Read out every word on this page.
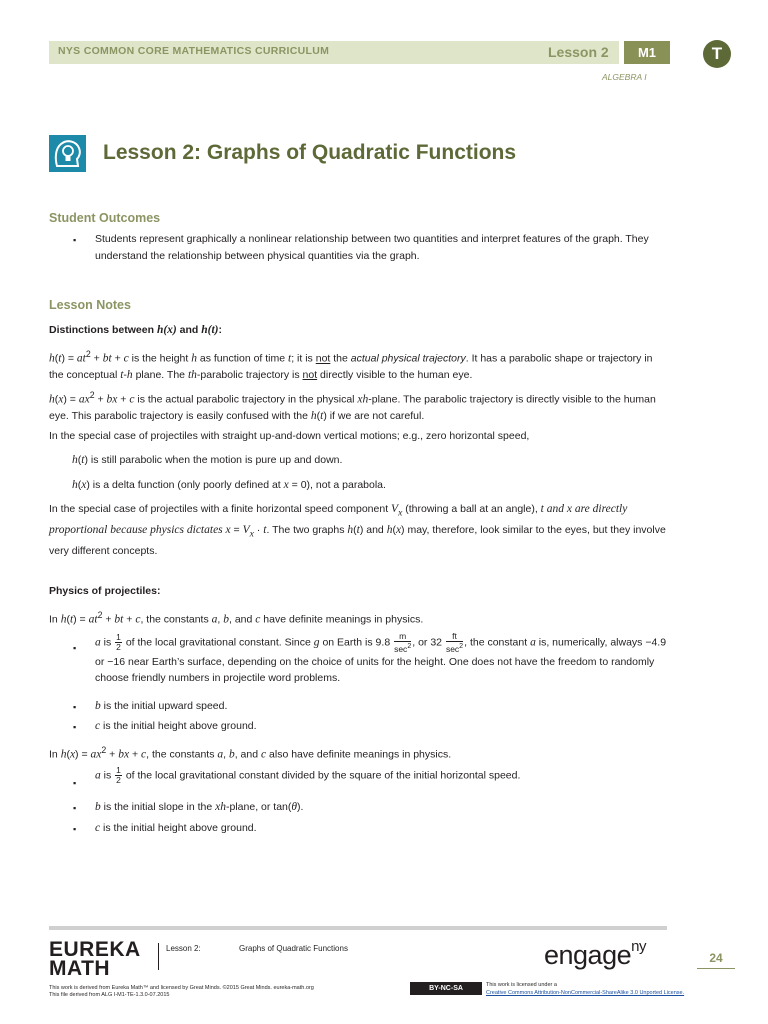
NYS COMMON CORE MATHEMATICS CURRICULUM	Lesson 2	M1	T
ALGEBRA I
Lesson 2: Graphs of Quadratic Functions
Student Outcomes
▪ Students represent graphically a nonlinear relationship between two quantities and interpret features of the graph. They understand the relationship between physical quantities via the graph.
Lesson Notes
Distinctions between h(x) and h(t):
$h(t) = at^2$ + bt + c is the height h as function of time t; it is not the actual physical trajectory. It has a parabolic shape or trajectory in the conceptual t-h plane. The th-parabolic trajectory is not directly visible to the human eye.
$h(x) = ax^2$ + bx + c is the actual parabolic trajectory in the physical xh-plane. The parabolic trajectory is directly visible to the human eye. This parabolic trajectory is easily confused with the h(t) if we are not careful.
In the special case of projectiles with straight up-and-down vertical motions; e.g., zero horizontal speed,
h(t) is still parabolic when the motion is pure up and down.
h(x) is a delta function (only poorly defined at x = 0), not a parabola.
In the special case of projectiles with a finite horizontal speed component $V_x$ (throwing a ball at an angle), t and x are directly proportional because physics dictates $x = V_x \cdot t$. The two graphs h(t) and h(x) may, therefore, look similar to the eyes, but they involve very different concepts.
Physics of projectiles:
In $h(t) = at^2$ + bt + c, the constants a, b, and c have definite meanings in physics.
▪ a is $\frac{1}{2}$ of the local gravitational constant. Since g on Earth is $9.8 \frac{m}{\sec^2}$ , or $32 \frac{ft}{\sec^2}$ , the constant a is, numerically, always −4.9 or −16 near Earth’s surface, depending on the choice of units for the height. One does not have the freedom to randomly choose friendly numbers in projectile word problems.
▪ b is the initial upward speed.
▪ c is the initial height above ground.
In $h(x) = ax^2$ + bx + c, the constants a, b, and c also have definite meanings in physics.
▪
a is $\frac{1}{2}$ of the local gravitational constant divided by the square of the initial horizontal speed.
▪ b is the initial slope in the xh-plane, or tan(θ).
▪ c is the initial height above ground.
EUREKA
MATH
Lesson 2:	Graphs of Quadratic Functions	engage$^{ny}$
24
This work is derived from Eureka Math™ and licensed by Great Minds. ©2015 Great Minds. eureka-math.org
This file derived from ALG I-M1-TE-1.3.0-07.2015
BY-NC-SA	This work is licensed under a
Creative Commons Attribution-NonCommercial-ShareAlike 3.0 Unported License.
